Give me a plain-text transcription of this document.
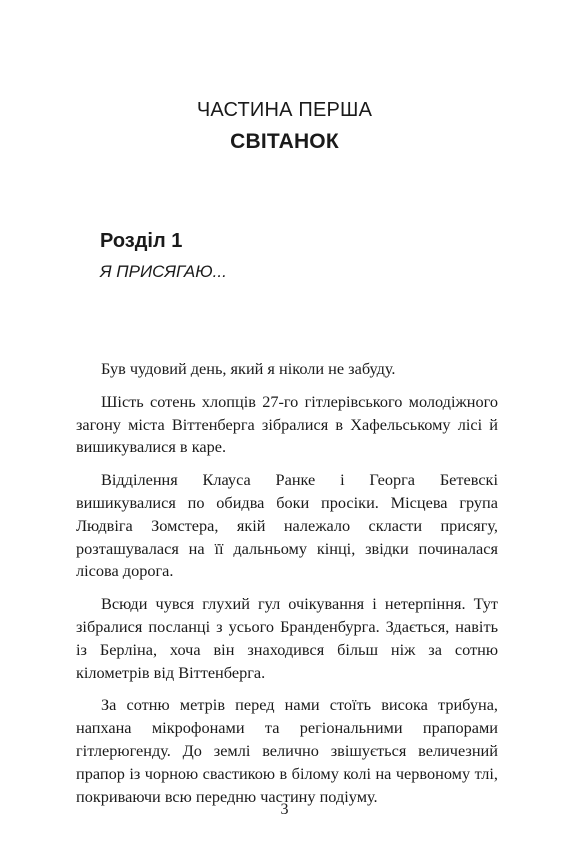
ЧАСТИНА ПЕРША
СВІТАНОК
Розділ 1
Я ПРИСЯГАЮ...

Був чудовий день, який я ніколи не забуду.

Шість сотень хлопців 27-го гітлерівського молодіжного загону міста Віттенберга зібралися в Хафельському лісі й вишикувалися в каре.

Відділення Клауса Ранке і Георга Бетевскі вишикувалися по обидва боки просіки. Місцева група Людвіга Зомстера, якій належало скласти присягу, розташувалася на її дальньому кінці, звідки починалася лісова дорога.

Всюди чувся глухий гул очікування і нетерпіння. Тут зібралися посланці з усього Бранденбурга. Здається, навіть із Берліна, хоча він знаходився більш ніж за сотню кілометрів від Віттенберга.

За сотню метрів перед нами стоїть висока трибуна, напхана мікрофонами та регіональними прапорами гітлерюгенду. До землі велично звішується величезний прапор із чорною свастикою в білому колі на червоному тлі, покриваючи всю передню частину подіуму.

3
